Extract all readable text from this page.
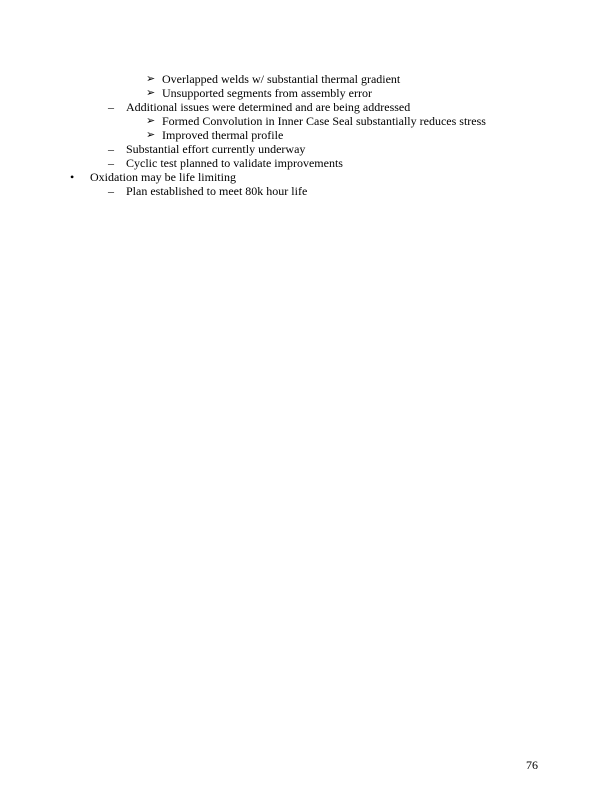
➢ Overlapped welds w/ substantial thermal gradient
➢ Unsupported segments from assembly error
– Additional issues were determined and are being addressed
➢ Formed Convolution in Inner Case Seal substantially reduces stress
➢ Improved thermal profile
– Substantial effort currently underway
– Cyclic test planned to validate improvements
• Oxidation may be life limiting
– Plan established to meet 80k hour life
76
